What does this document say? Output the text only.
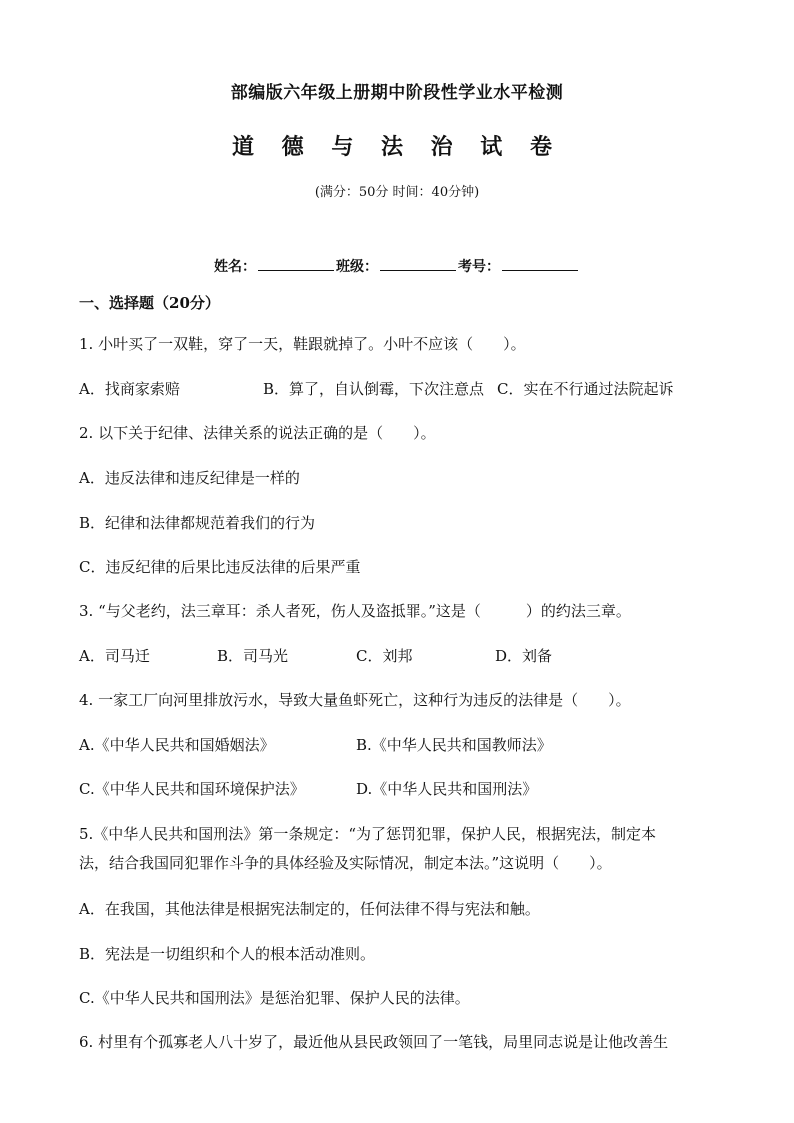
部编版六年级上册期中阶段性学业水平检测
道 德 与 法 治 试 卷
(满分：50分 时间：40分钟)
姓名：	班级：	考号：
一、选择题（20分）
1. 小叶买了一双鞋，穿了一天，鞋跟就掉了。小叶不应该（　　）。
A．找商家索赔	B．算了，自认倒霉，下次注意点 C．实在不行通过法院起诉
2. 以下关于纪律、法律关系的说法正确的是（　　）。
A．违反法律和违反纪律是一样的
B．纪律和法律都规范着我们的行为
C．违反纪律的后果比违反法律的后果严重
3. “与父老约，法三章耳：杀人者死，伤人及盗抵罪。”这是（　　　）的约法三章。
A．司马迁	B．司马光	C．刘邦	D．刘备
4. 一家工厂向河里排放污水，导致大量鱼虾死亡，这种行为违反的法律是（　　）。
A.《中华人民共和国婚姻法》	B.《中华人民共和国教师法》
C.《中华人民共和国环境保护法》	D.《中华人民共和国刑法》
5.《中华人民共和国刑法》第一条规定：“为了惩罚犯罪，保护人民，根据宪法，制定本
法，结合我国同犯罪作斗争的具体经验及实际情况，制定本法。”这说明（　　）。
A．在我国，其他法律是根据宪法制定的，任何法律不得与宪法和触。
B．宪法是一切组织和个人的根本活动准则。
C.《中华人民共和国刑法》是惩治犯罪、保护人民的法律。
6. 村里有个孤寡老人八十岁了，最近他从县民政领回了一笔钱，局里同志说是让他改善生
